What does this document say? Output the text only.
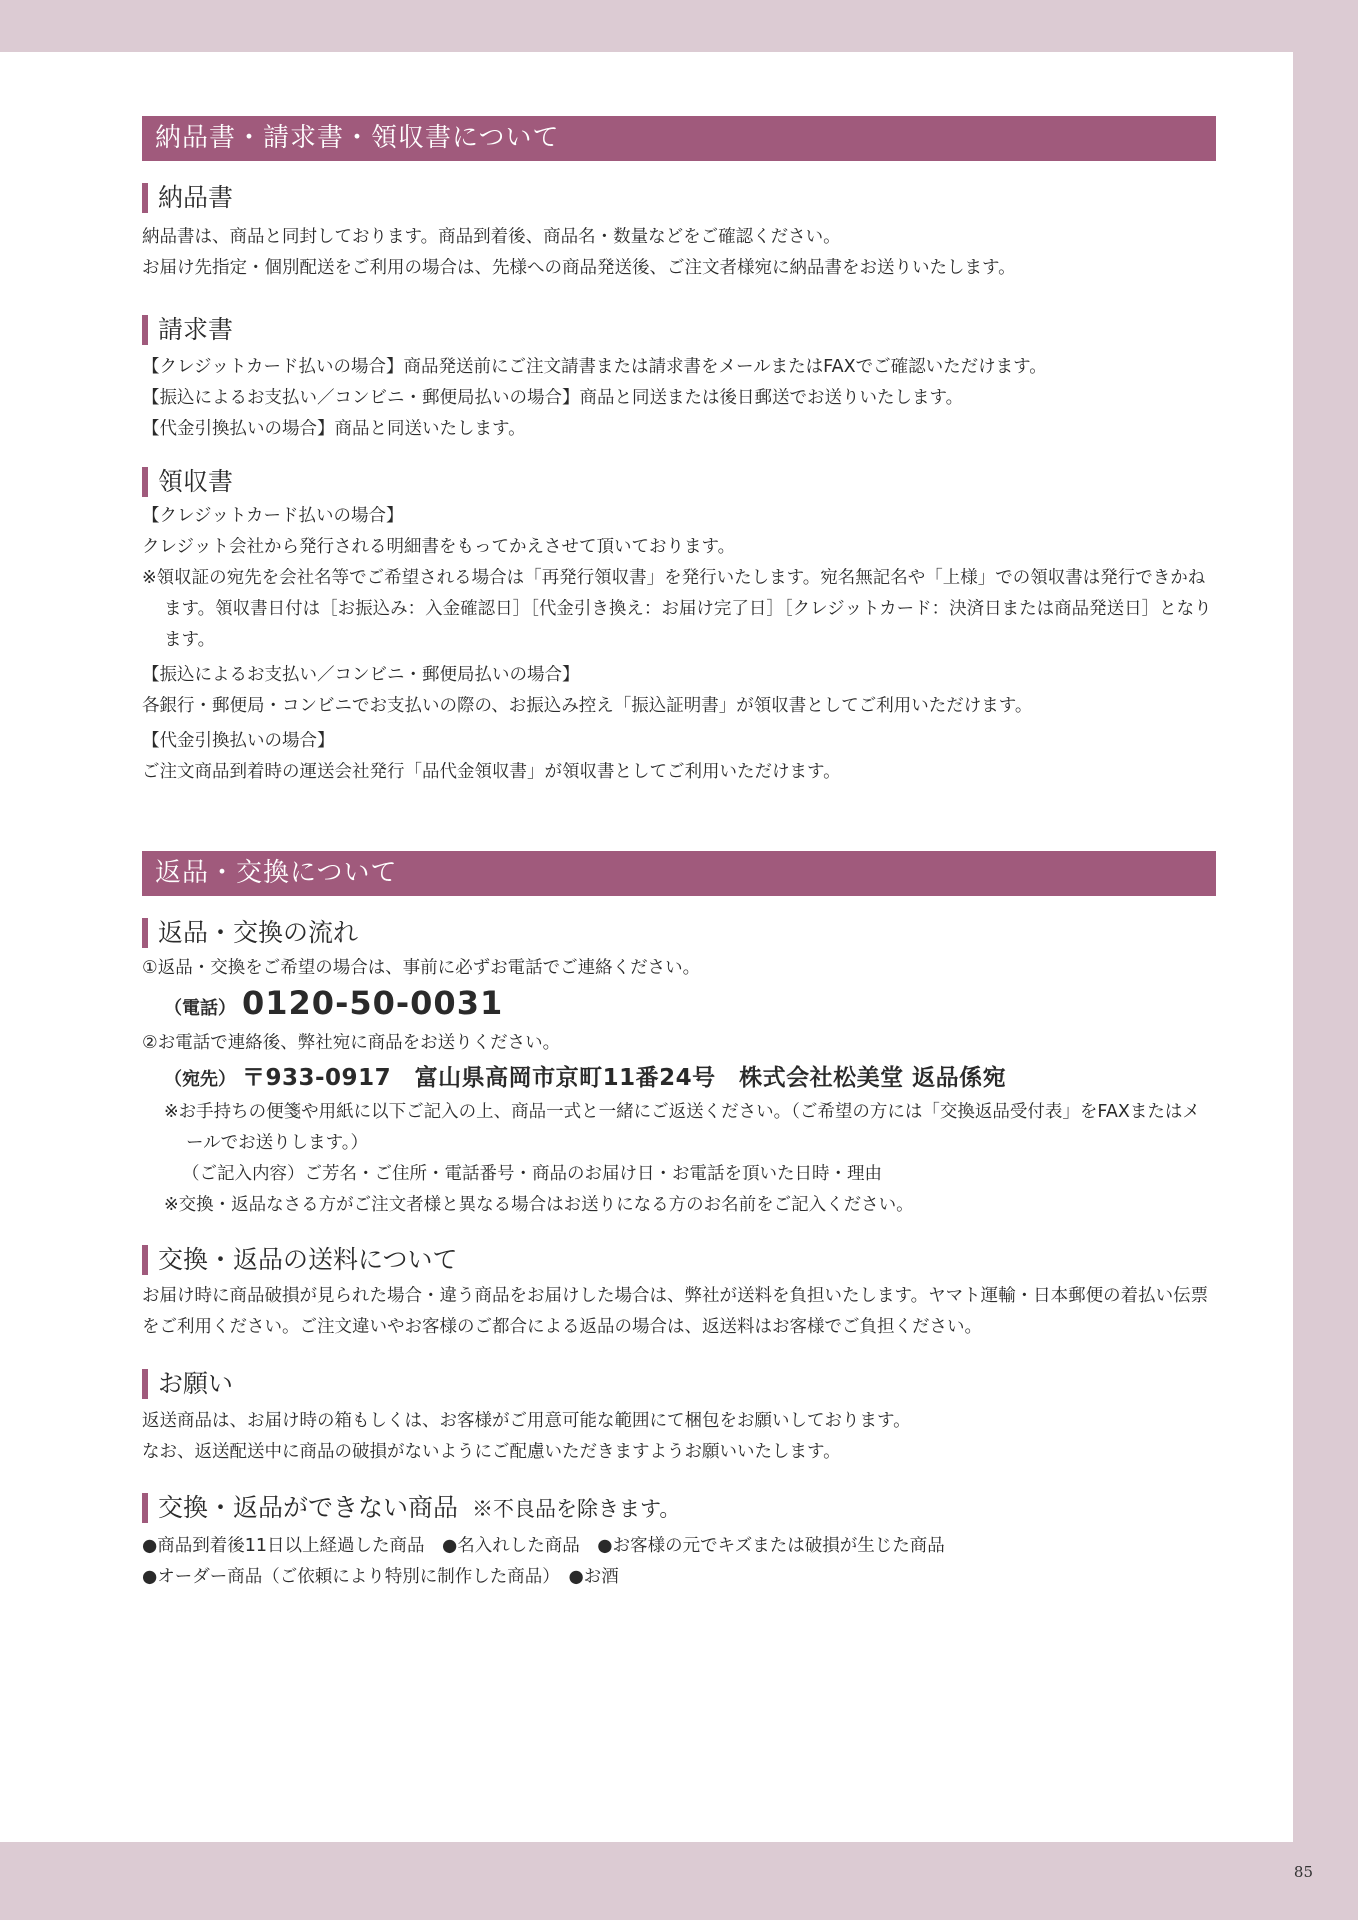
納品書・請求書・領収書について
納品書

納品書は、商品と同封しております。商品到着後、商品名・数量などをご確認ください。

お届け先指定・個別配送をご利用の場合は、先様への商品発送後、ご注文者様宛に納品書をお送りいたします。

請求書

【クレジットカード払いの場合】商品発送前にご注文請書または請求書をメールまたはFAXでご確認いただけます。

【振込によるお支払い／コンビニ・郵便局払いの場合】商品と同送または後日郵送でお送りいたします。

【代金引換払いの場合】商品と同送いたします。

領収書

【クレジットカード払いの場合】

クレジット会社から発行される明細書をもってかえさせて頂いております。

※領収証の宛先を会社名等でご希望される場合は「再発行領収書」を発行いたします。宛名無記名や「上様」での領収書は発行できかねます。領収書日付は［お振込み：入金確認日］［代金引き換え：お届け完了日］［クレジットカード：決済日または商品発送日］となります。

【振込によるお支払い／コンビニ・郵便局払いの場合】

各銀行・郵便局・コンビニでお支払いの際の、お振込み控え「振込証明書」が領収書としてご利用いただけます。

【代金引換払いの場合】

ご注文商品到着時の運送会社発行「品代金領収書」が領収書としてご利用いただけます。

返品・交換について
返品・交換の流れ

①返品・交換をご希望の場合は、事前に必ずお電話でご連絡ください。

（電話） 0120-50-0031

②お電話で連絡後、弊社宛に商品をお送りください。

（宛先） 〒933-0917　富山県高岡市京町11番24号　株式会社松美堂 返品係宛

※お手持ちの便箋や用紙に以下ご記入の上、商品一式と一緒にご返送ください。（ご希望の方には「交換返品受付表」をFAXまたはメールでお送りします。）

（ご記入内容）ご芳名・ご住所・電話番号・商品のお届け日・お電話を頂いた日時・理由

※交換・返品なさる方がご注文者様と異なる場合はお送りになる方のお名前をご記入ください。

交換・返品の送料について

お届け時に商品破損が見られた場合・違う商品をお届けした場合は、弊社が送料を負担いたします。ヤマト運輸・日本郵便の着払い伝票をご利用ください。ご注文違いやお客様のご都合による返品の場合は、返送料はお客様でご負担ください。

お願い

返送商品は、お届け時の箱もしくは、お客様がご用意可能な範囲にて梱包をお願いしております。

なお、返送配送中に商品の破損がないようにご配慮いただきますようお願いいたします。

交換・返品ができない商品 ※不良品を除きます。

●商品到着後11日以上経過した商品　●名入れした商品　●お客様の元でキズまたは破損が生じた商品

●オーダー商品（ご依頼により特別に制作した商品）　●お酒

85
